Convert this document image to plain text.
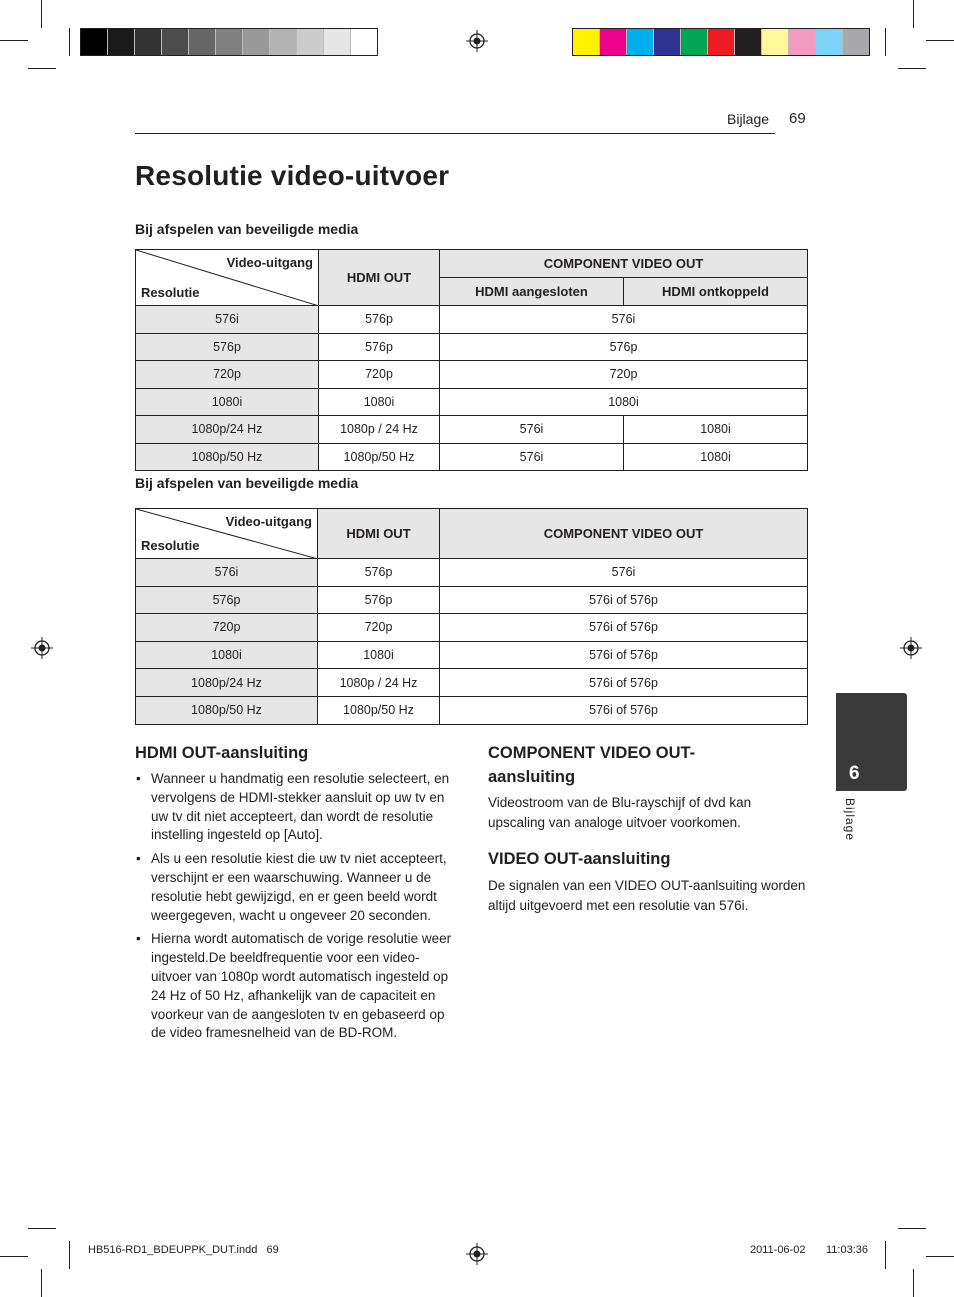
Bijlage 69
Resolutie video-uitvoer
Bij afspelen van beveiligde media
Video-uitgang
Resolutie	HDMI OUT	COMPONENT VIDEO OUT	
		HDMI aangesloten	HDMI ontkoppeld
576i	576p	576i	
576p	576p	576p	
720p	720p	720p	
1080i	1080i	1080i	
1080p/24 Hz	1080p / 24 Hz	576i	1080i
1080p/50 Hz	1080p/50 Hz	576i	1080i
Bij afspelen van beveiligde media
Video-uitgang
Resolutie	HDMI OUT	COMPONENT VIDEO OUT
576i	576p	576i
576p	576p	576i of 576p
720p	720p	576i of 576p
1080i	1080i	576i of 576p
1080p/24 Hz	1080p / 24 Hz	576i of 576p
1080p/50 Hz	1080p/50 Hz	576i of 576p
HDMI OUT-aansluiting
• Wanneer u handmatig een resolutie selecteert, en vervolgens de HDMI-stekker aansluit op uw tv en uw tv dit niet accepteert, dan wordt de resolutie instelling ingesteld op [Auto].
• Als u een resolutie kiest die uw tv niet accepteert, verschijnt er een waarschuwing. Wanneer u de resolutie hebt gewijzigd, en er geen beeld wordt weergegeven, wacht u ongeveer 20 seconden.
• Hierna wordt automatisch de vorige resolutie weer ingesteld.De beeldfrequentie voor een video-uitvoer van 1080p wordt automatisch ingesteld op 24 Hz of 50 Hz, afhankelijk van de capaciteit en voorkeur van de aangesloten tv en gebaseerd op de video framesnelheid van de BD-ROM.
COMPONENT VIDEO OUT-aansluiting

Videostroom van de Blu-rayschijf of dvd kan upscaling van analoge uitvoer voorkomen.

VIDEO OUT-aansluiting

De signalen van een VIDEO OUT-aanlsuiting worden altijd uitgevoerd met een resolutie van 576i.

6
Bijlage
HB516-RD1_BDEUPPK_DUT.indd   69	2011-06-02 11:03:36
